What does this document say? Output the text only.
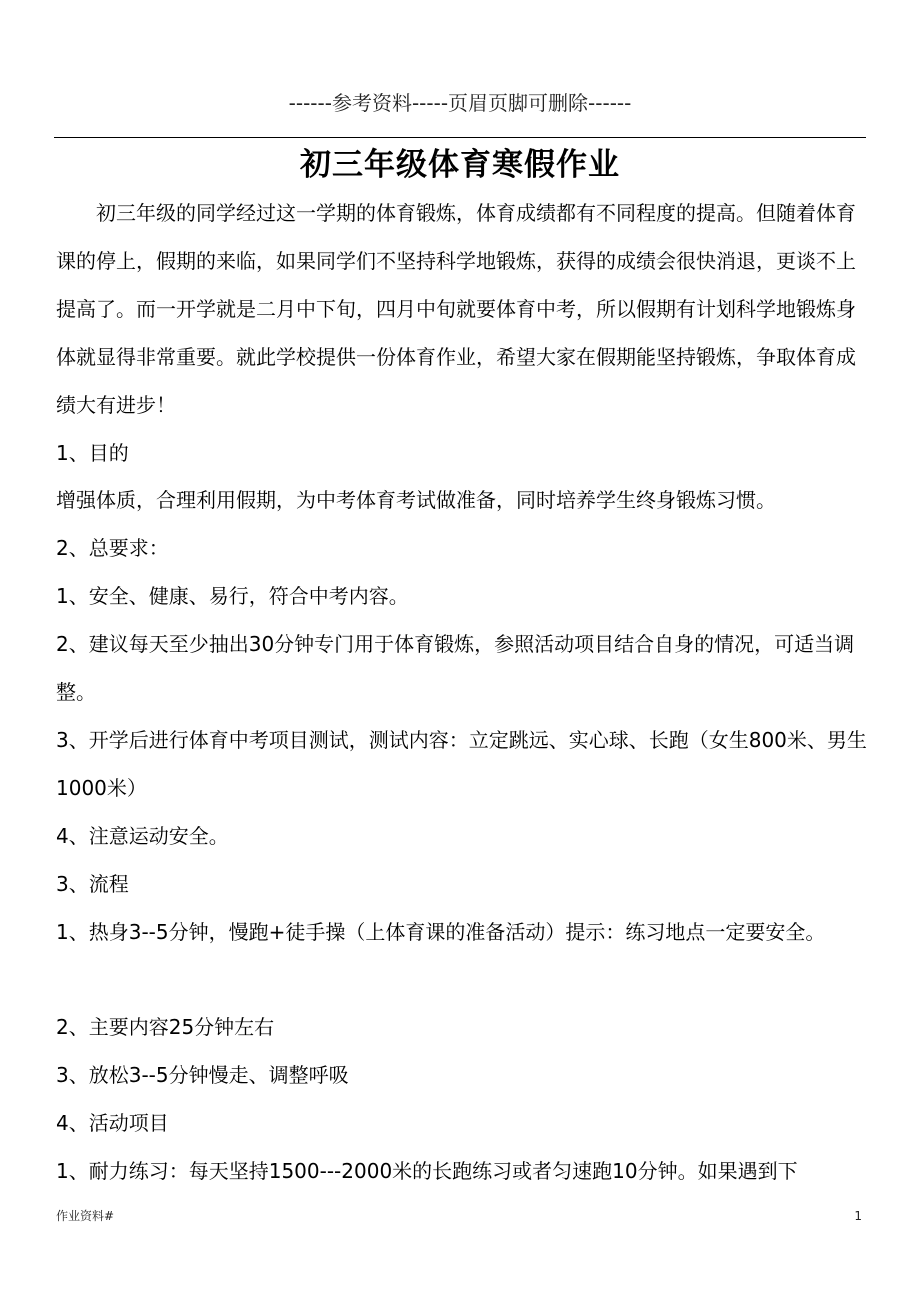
------参考资料-----页眉页脚可删除------
初三年级体育寒假作业

初三年级的同学经过这一学期的体育锻炼，体育成绩都有不同程度的提高。但随着体育课的停上，假期的来临，如果同学们不坚持科学地锻炼，获得的成绩会很快消退，更谈不上提高了。而一开学就是二月中下旬，四月中旬就要体育中考，所以假期有计划科学地锻炼身体就显得非常重要。就此学校提供一份体育作业，希望大家在假期能坚持锻炼，争取体育成绩大有进步！

1、目的

增强体质，合理利用假期，为中考体育考试做准备，同时培养学生终身锻炼习惯。

2、总要求：

1、安全、健康、易行，符合中考内容。

2、建议每天至少抽出30分钟专门用于体育锻炼，参照活动项目结合自身的情况，可适当调整。

3、开学后进行体育中考项目测试，测试内容：立定跳远、实心球、长跑（女生800米、男生1000米）

4、注意运动安全。

3、流程

1、热身3--5分钟，慢跑+徒手操（上体育课的准备活动）提示：练习地点一定要安全。

2、主要内容25分钟左右

3、放松3--5分钟慢走、调整呼吸

4、活动项目

1、耐力练习：每天坚持1500---2000米的长跑练习或者匀速跑10分钟。如果遇到下

作业资料#	1
